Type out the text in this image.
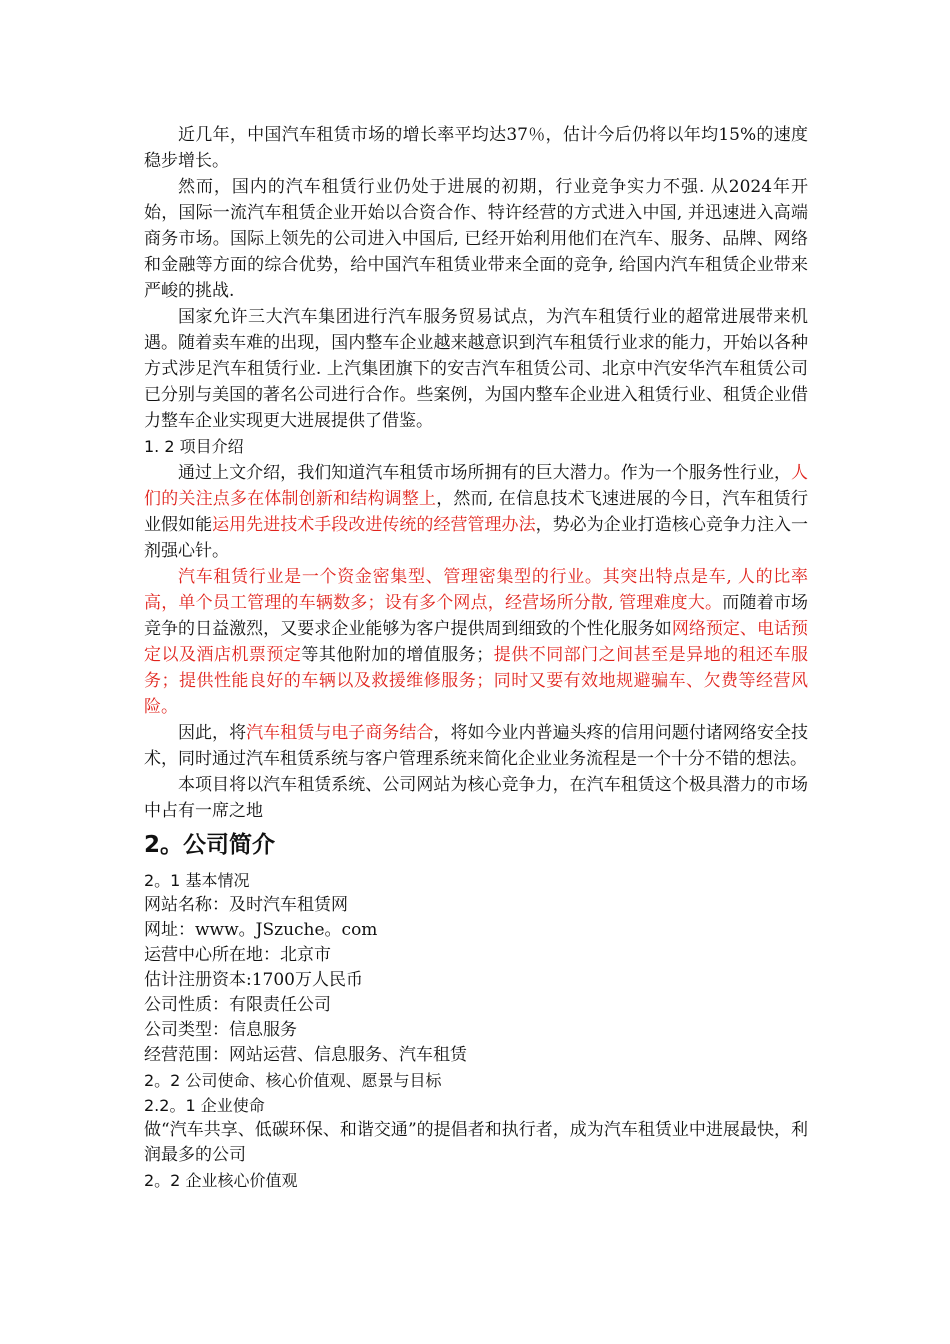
近几年，中国汽车租赁市场的增长率平均达37％，估计今后仍将以年均15%的速度稳步增长。

然而，国内的汽车租赁行业仍处于进展的初期，行业竞争实力不强. 从2024年开始，国际一流汽车租赁企业开始以合资合作、特许经营的方式进入中国, 并迅速进入高端商务市场。国际上领先的公司进入中国后, 已经开始利用他们在汽车、服务、品牌、网络和金融等方面的综合优势，给中国汽车租赁业带来全面的竞争, 给国内汽车租赁企业带来严峻的挑战.

国家允许三大汽车集团进行汽车服务贸易试点，为汽车租赁行业的超常进展带来机遇。随着卖车难的出现，国内整车企业越来越意识到汽车租赁行业求的能力，开始以各种方式涉足汽车租赁行业. 上汽集团旗下的安吉汽车租赁公司、北京中汽安华汽车租赁公司已分别与美国的著名公司进行合作。些案例，为国内整车企业进入租赁行业、租赁企业借力整车企业实现更大进展提供了借鉴。

1. 2 项目介绍

通过上文介绍，我们知道汽车租赁市场所拥有的巨大潜力。作为一个服务性行业，人们的关注点多在体制创新和结构调整上，然而, 在信息技术飞速进展的今日，汽车租赁行业假如能运用先进技术手段改进传统的经营管理办法，势必为企业打造核心竞争力注入一剂强心针。

汽车租赁行业是一个资金密集型、管理密集型的行业。其突出特点是车, 人的比率高，单个员工管理的车辆数多；设有多个网点，经营场所分散, 管理难度大。而随着市场竞争的日益激烈，又要求企业能够为客户提供周到细致的个性化服务如网络预定、电话预定以及酒店机票预定等其他附加的增值服务；提供不同部门之间甚至是异地的租还车服务；提供性能良好的车辆以及救援维修服务；同时又要有效地规避骗车、欠费等经营风险。

因此，将汽车租赁与电子商务结合，将如今业内普遍头疼的信用问题付诸网络安全技术，同时通过汽车租赁系统与客户管理系统来简化企业业务流程是一个十分不错的想法。

本项目将以汽车租赁系统、公司网站为核心竞争力，在汽车租赁这个极具潜力的市场中占有一席之地

2。公司简介

2。1 基本情况

网站名称：及时汽车租赁网

网址：www。JSzuche。com

运营中心所在地：北京市

估计注册资本:1700万人民币

公司性质：有限责任公司

公司类型：信息服务

经营范围：网站运营、信息服务、汽车租赁

2。2 公司使命、核心价值观、愿景与目标

2.2。1 企业使命

做“汽车共享、低碳环保、和谐交通”的提倡者和执行者，成为汽车租赁业中进展最快，利润最多的公司

2。2 企业核心价值观
